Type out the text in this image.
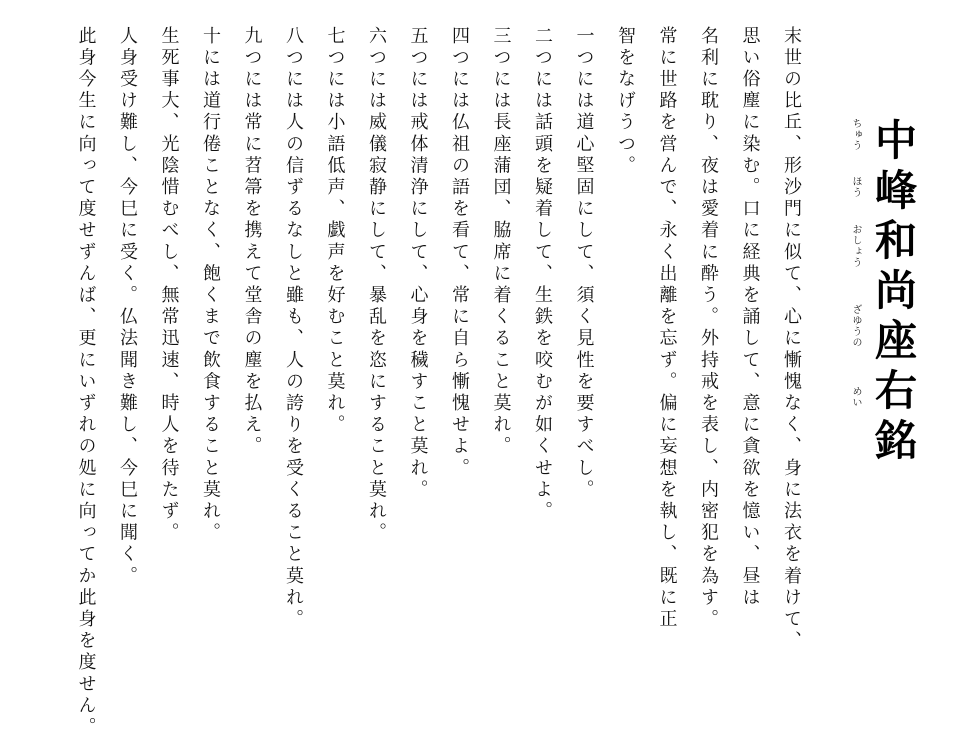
中峰和尚座右銘
ちゅう
ほう
おしょう
ざゆうの
めい
末世の比丘、形沙門に似て、心に慚愧なく、身に法衣を着けて、
思い俗塵に染む。口に経典を誦して、意に貪欲を憶い、昼は
名利に耽り、夜は愛着に酔う。外持戒を表し、内密犯を為す。
常に世路を営んで、永く出離を忘ず。偏に妄想を執し、既に正
智をなげうつ。
一つには道心堅固にして、須く見性を要すべし。
二つには話頭を疑着して、生鉄を咬むが如くせよ。
三つには長座蒲団、脇席に着くること莫れ。
四つには仏祖の語を看て、常に自ら慚愧せよ。
五つには戒体清浄にして、心身を穢すこと莫れ。
六つには威儀寂静にして、暴乱を恣にすること莫れ。
七つには小語低声、戯声を好むこと莫れ。
八つには人の信ずるなしと雖も、人の誇りを受くること莫れ。
九つには常に苕箒を携えて堂舎の塵を払え。
十には道行倦ことなく、飽くまで飲食すること莫れ。
生死事大、光陰惜むべし、無常迅速、時人を待たず。
人身受け難し、今巳に受く。仏法聞き難し、今巳に聞く。
此身今生に向って度せずんば、更にいずれの処に向ってか此身を度せん。
